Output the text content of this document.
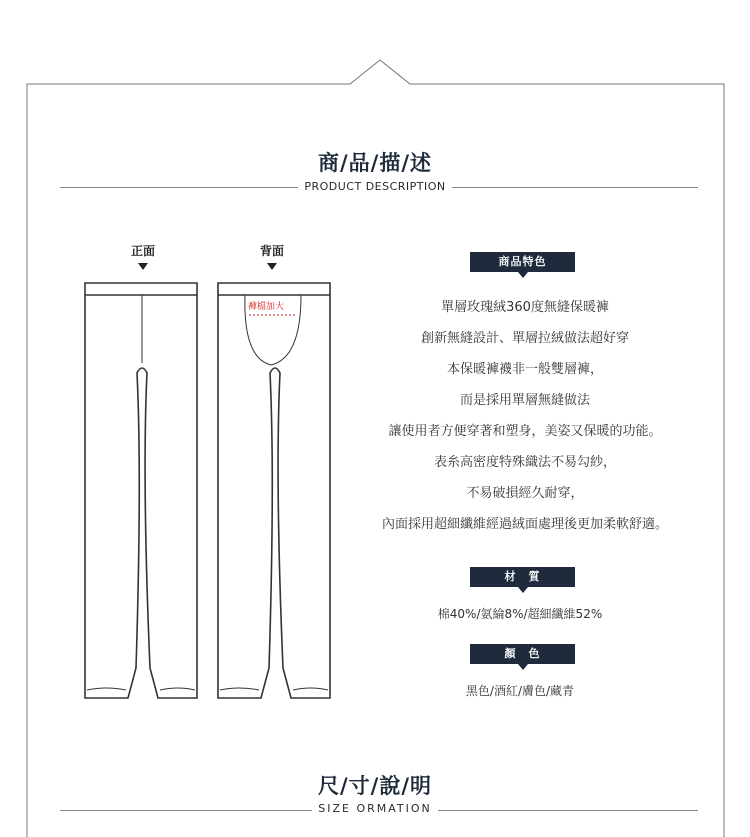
商/品/描/述
PRODUCT DESCRIPTION
正面	背面
褲檔加大
商品特色
單層玫瑰絨360度無縫保暖褲
創新無縫設計、單層拉絨做法超好穿
本保暖褲襪非一般雙層褲，
而是採用單層無縫做法
讓使用者方便穿著和塑身，美姿又保暖的功能。
表糸高密度特殊織法不易勾紗，
不易破損經久耐穿，
內面採用超細纖維經過絨面處理後更加柔軟舒適。
材　質
棉40%/氨綸8%/超細纖維52%
顏　色
黑色/酒紅/膚色/藏青
尺/寸/說/明
SIZE ORMATION
